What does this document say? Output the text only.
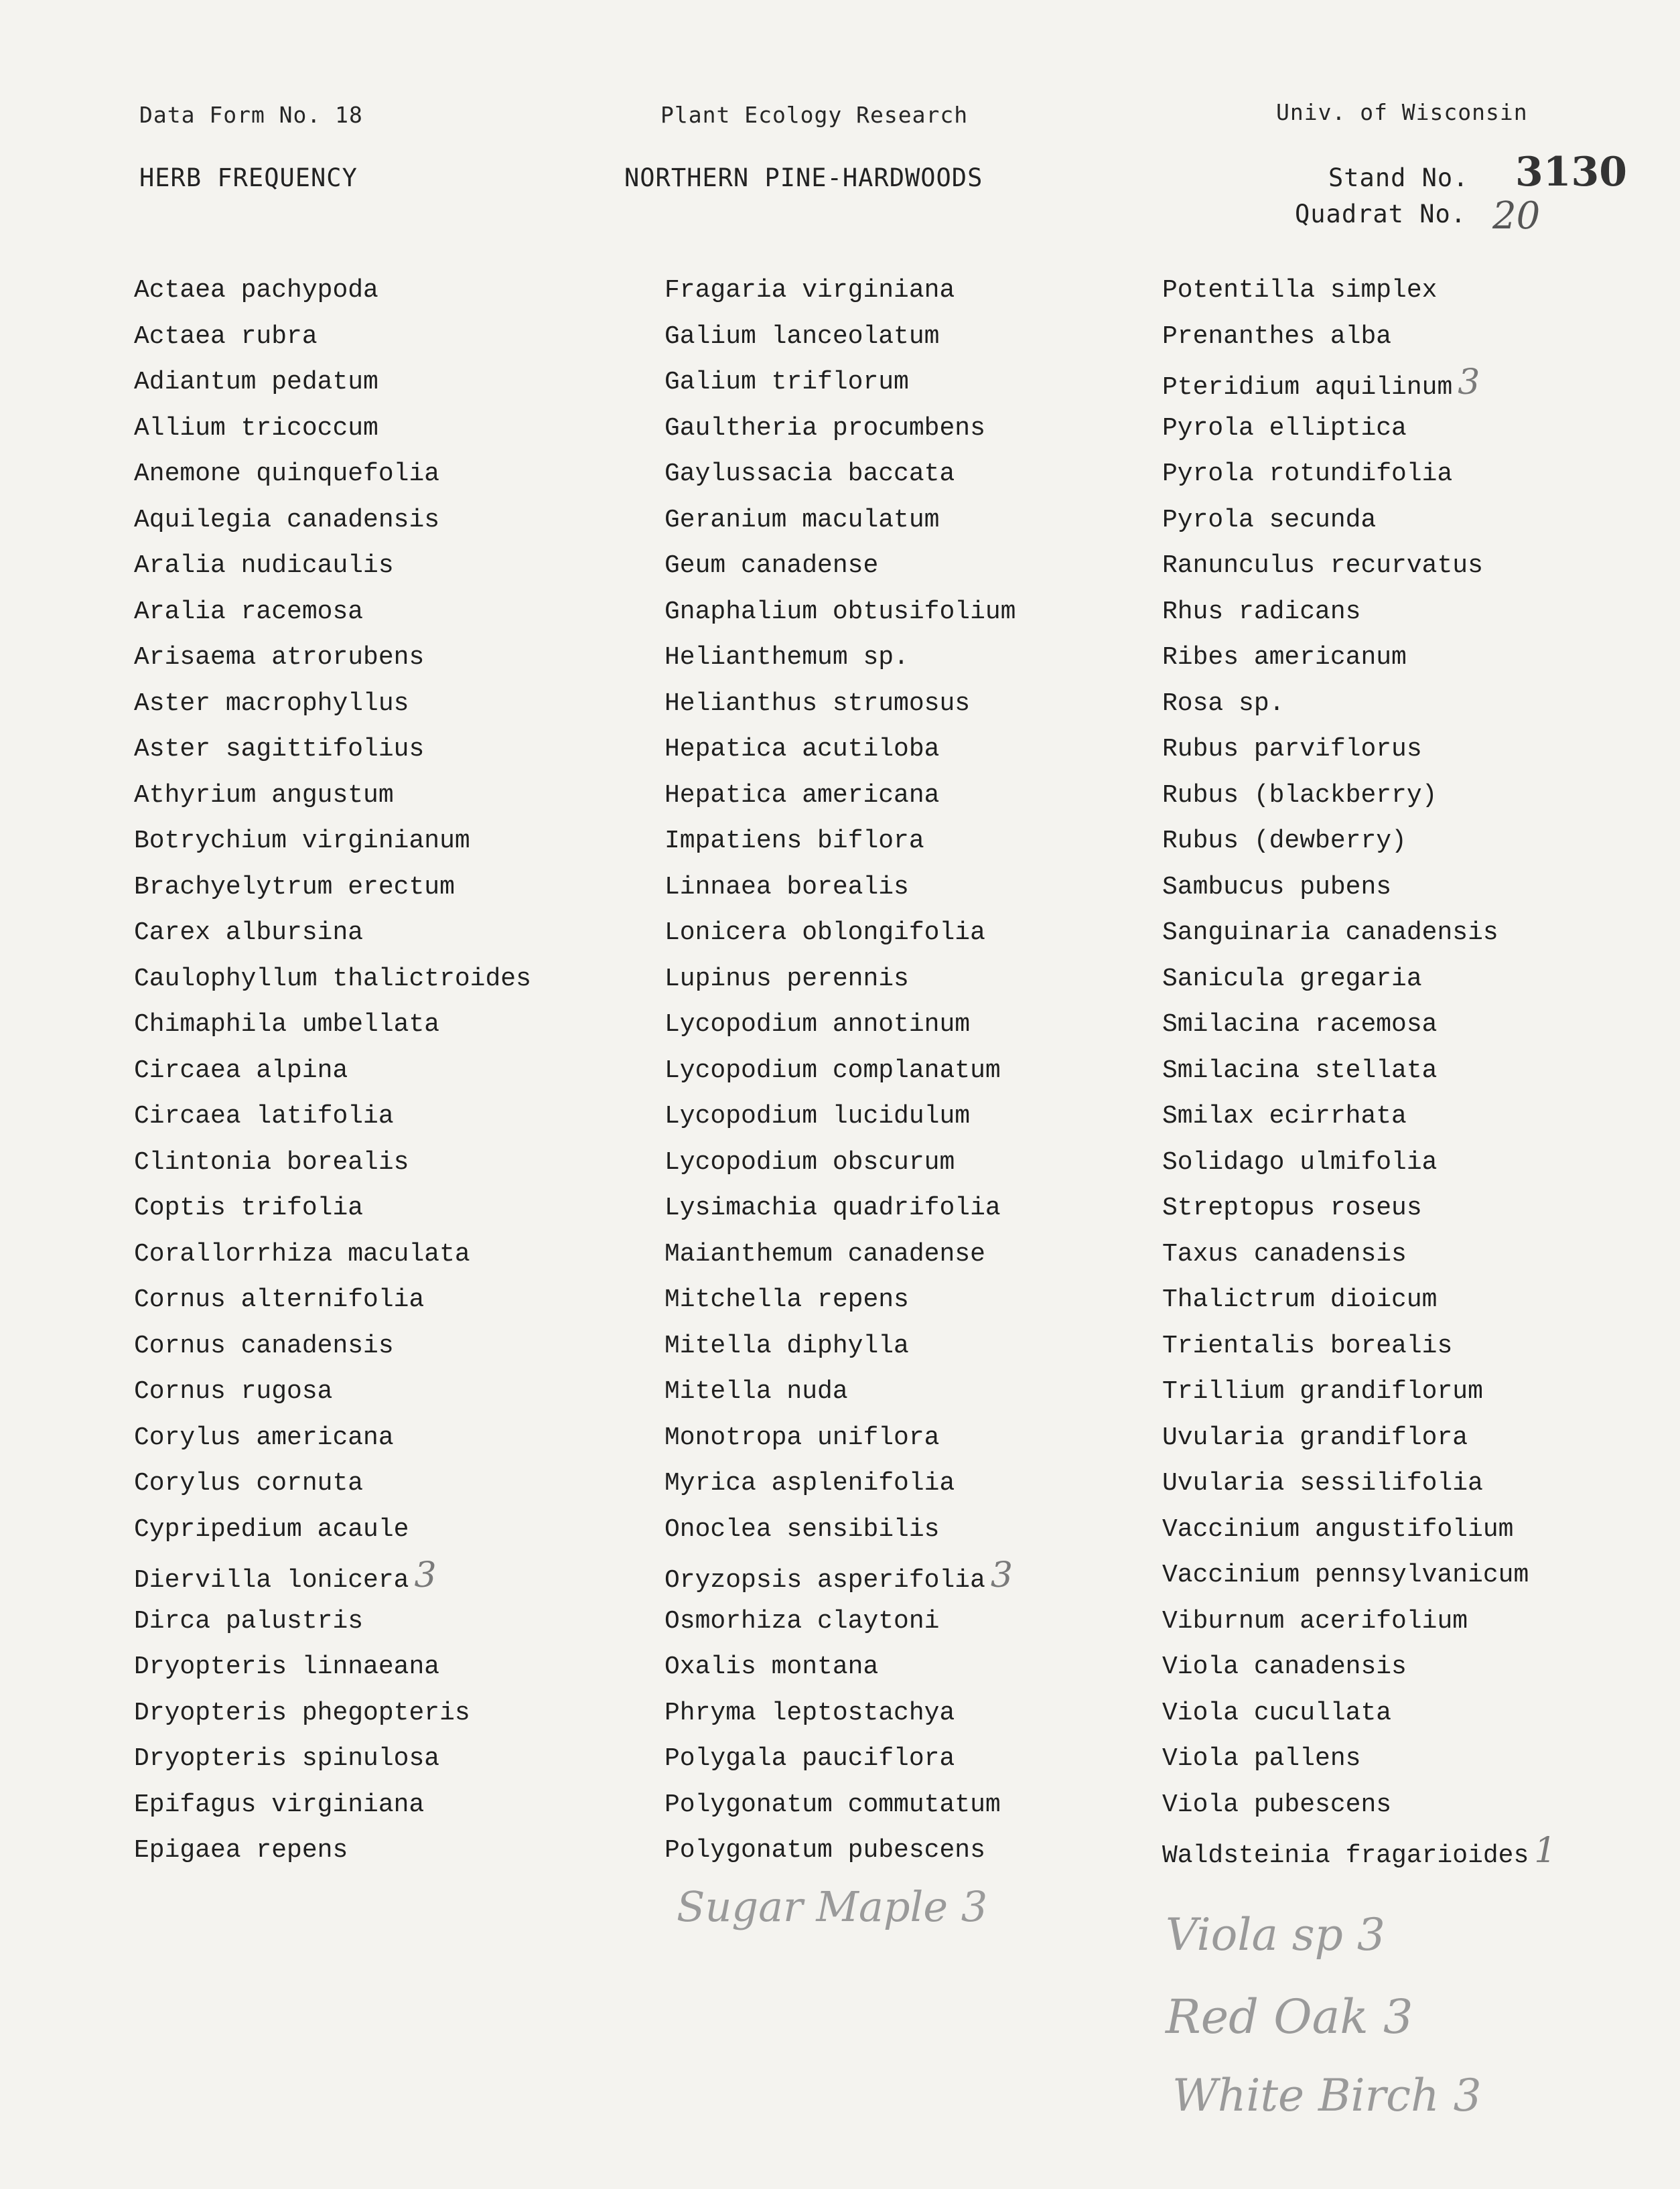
Data Form No. 18	Plant Ecology Research	Univ. of Wisconsin
HERB FREQUENCY	NORTHERN PINE-HARDWOODS	Stand No. 3130
Quadrat No. 20
Actaea pachypoda
Actaea rubra
Adiantum pedatum
Allium tricoccum
Anemone quinquefolia
Aquilegia canadensis
Aralia nudicaulis
Aralia racemosa
Arisaema atrorubens
Aster macrophyllus
Aster sagittifolius
Athyrium angustum
Botrychium virginianum
Brachyelytrum erectum
Carex albursina
Caulophyllum thalictroides
Chimaphila umbellata
Circaea alpina
Circaea latifolia
Clintonia borealis
Coptis trifolia
Corallorrhiza maculata
Cornus alternifolia
Cornus canadensis
Cornus rugosa
Corylus americana
Corylus cornuta
Cypripedium acaule
Diervilla lonicera 3
Dirca palustris
Dryopteris linnaeana
Dryopteris phegopteris
Dryopteris spinulosa
Epifagus virginiana
Epigaea repens
Fragaria virginiana
Galium lanceolatum
Galium triflorum
Gaultheria procumbens
Gaylussacia baccata
Geranium maculatum
Geum canadense
Gnaphalium obtusifolium
Helianthemum sp.
Helianthus strumosus
Hepatica acutiloba
Hepatica americana
Impatiens biflora
Linnaea borealis
Lonicera oblongifolia
Lupinus perennis
Lycopodium annotinum
Lycopodium complanatum
Lycopodium lucidulum
Lycopodium obscurum
Lysimachia quadrifolia
Maianthemum canadense
Mitchella repens
Mitella diphylla
Mitella nuda
Monotropa uniflora
Myrica asplenifolia
Onoclea sensibilis
Oryzopsis asperifolia 3
Osmorhiza claytoni
Oxalis montana
Phryma leptostachya
Polygala pauciflora
Polygonatum commutatum
Polygonatum pubescens
Potentilla simplex
Prenanthes alba
Pteridium aquilinum 3
Pyrola elliptica
Pyrola rotundifolia
Pyrola secunda
Ranunculus recurvatus
Rhus radicans
Ribes americanum
Rosa sp.
Rubus parviflorus
Rubus (blackberry)
Rubus (dewberry)
Sambucus pubens
Sanguinaria canadensis
Sanicula gregaria
Smilacina racemosa
Smilacina stellata
Smilax ecirrhata
Solidago ulmifolia
Streptopus roseus
Taxus canadensis
Thalictrum dioicum
Trientalis borealis
Trillium grandiflorum
Uvularia grandiflora
Uvularia sessilifolia
Vaccinium angustifolium
Vaccinium pennsylvanicum
Viburnum acerifolium
Viola canadensis
Viola cucullata
Viola pallens
Viola pubescens
Waldsteinia fragarioides 1
Sugar Maple 3
Viola sp 3
Red Oak 3
White Birch 3
